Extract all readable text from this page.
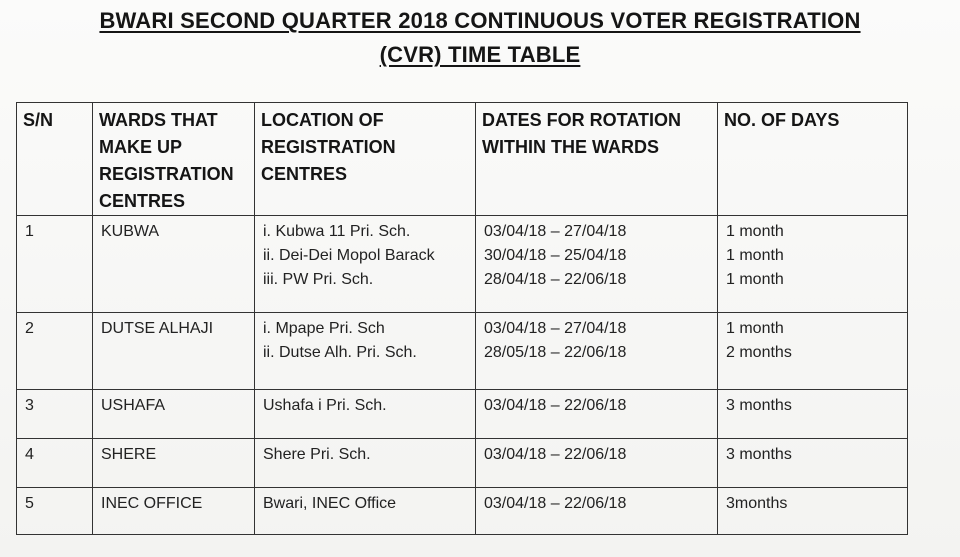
BWARI SECOND QUARTER 2018 CONTINUOUS VOTER REGISTRATION
(CVR) TIME TABLE
S/N	WARDS THAT
MAKE UP
REGISTRATION
CENTRES	LOCATION OF
REGISTRATION
CENTRES	DATES FOR ROTATION
WITHIN THE WARDS	NO. OF DAYS

1	KUBWA	i. Kubwa 11 Pri. Sch.
ii. Dei-Dei Mopol Barack
iii. PW Pri. Sch.	03/04/18 – 27/04/18
30/04/18 – 25/04/18
28/04/18 – 22/06/18	1 month
1 month
1 month

2	DUTSE ALHAJI	i. Mpape Pri. Sch
ii. Dutse Alh. Pri. Sch.	03/04/18 – 27/04/18
28/05/18 – 22/06/18	1 month
2 months

3	USHAFA	Ushafa i Pri. Sch.	03/04/18 – 22/06/18	3 months

4	SHERE	Shere Pri. Sch.	03/04/18 – 22/06/18	3 months

5	INEC OFFICE	Bwari, INEC Office	03/04/18 – 22/06/18	3months
